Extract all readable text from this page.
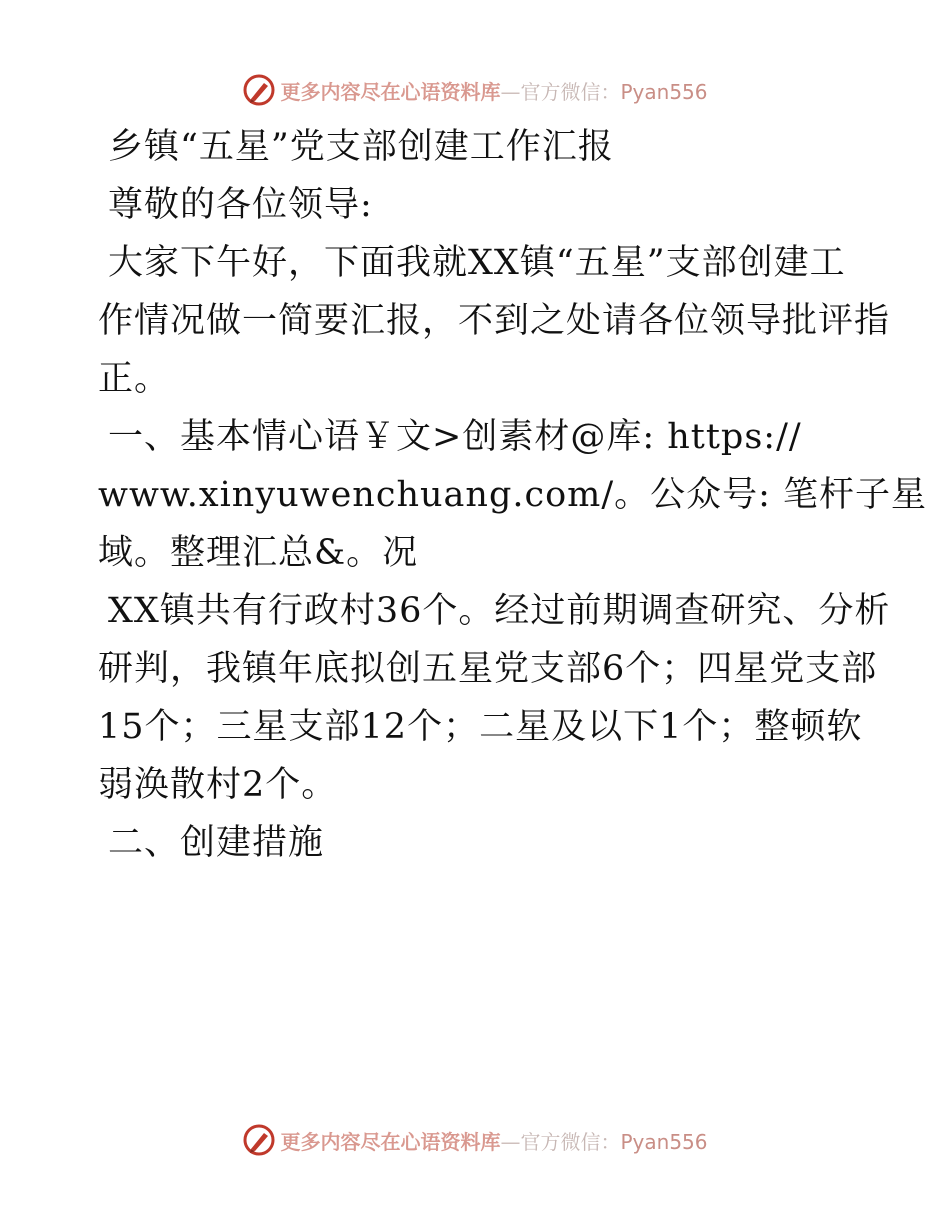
更多内容尽在心语资料库—官方微信：Pyan556
乡镇“五星”党支部创建工作汇报
尊敬的各位领导:
大家下午好，下面我就XX镇“五星”支部创建工
作情况做一简要汇报，不到之处请各位领导批评指
正。
一、基本情心语￥文>创素材@库: https://
www.xinyuwenchuang.com/。公众号: 笔杆子星
域。整理汇总&。况
XX镇共有行政村36个。经过前期调查研究、分析
研判，我镇年底拟创五星党支部6个；四星党支部
15个；三星支部12个；二星及以下1个；整顿软
弱涣散村2个。
二、创建措施
更多内容尽在心语资料库—官方微信：Pyan556
